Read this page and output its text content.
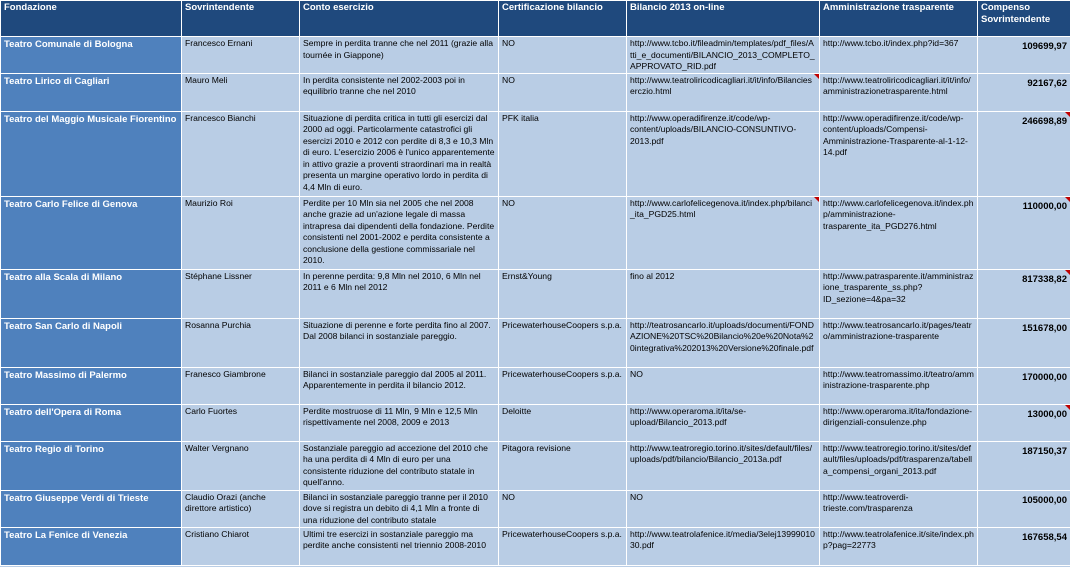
Fondazione	Sovrintendente	Conto esercizio	Certificazione bilancio	Bilancio 2013 on-line	Amministrazione trasparente	Compenso Sovrintendente
Teatro Comunale di Bologna	Francesco Ernani	Sempre in perdita tranne che nel 2011 (grazie alla tournée in Giappone)	NO	http://www.tcbo.it/fileadmin/templates/pdf_files/Atti_e_documenti/BILANCIO_2013_COMPLETO_APPROVATO_RID.pdf	http://www.tcbo.it/index.php?id=367	109699,97
Teatro Lirico di Cagliari	Mauro Meli	In perdita consistente nel 2002-2003 poi in equilibrio tranne che nel 2010	NO	http://www.teatroliricodicagliari.it/it/info/Bilancieserczio.html	http://www.teatroliricodicagliari.it/it/info/amministrazionetrasparente.html	92167,62
Teatro del Maggio Musicale Fiorentino	Francesco Bianchi	Situazione di perdita critica in tutti gli esercizi dal 2000 ad oggi. Particolarmente catastrofici gli esercizi 2010 e 2012 con perdite di 8,3 e 10,3 Mln di euro. L'esercizio 2006 è l'unico apparentemente in attivo grazie a proventi straordinari ma in realtà presenta un margine operativo lordo in perdita di 4,4 Mln di euro.	PFK italia	http://www.operadifirenze.it/code/wp-content/uploads/BILANCIO-CONSUNTIVO-2013.pdf	http://www.operadifirenze.it/code/wp-content/uploads/Compensi-Amministrazione-Trasparente-al-1-12-14.pdf	246698,89

Teatro Carlo Felice di Genova	Maurizio Roi	Perdite per 10 Mln sia nel 2005 che nel 2008 anche grazie ad un'azione legale di massa intrapresa dai dipendenti della fondazione. Perdite consistenti nel 2001-2002 e perdita consistente a conclusione della gestione commissariale nel 2010.	NO	http://www.carlofelicegenova.it/index.php/bilanci_ita_PGD25.html	http://www.carlofelicegenova.it/index.php/amministrazione-trasparente_ita_PGD276.html	110000,00

Teatro alla Scala di Milano	Stéphane Lissner	In perenne perdita: 9,8 Mln nel 2010, 6 Mln nel 2011 e 6 Mln nel 2012	Ernst&Young	fino al 2012	http://www.patrasparente.it/amministrazione_trasparente_ss.php?ID_sezione=4&pa=32	817338,82

Teatro San Carlo di Napoli	Rosanna Purchia	Situazione di perenne e forte perdita fino al 2007. Dal 2008 bilanci in sostanziale pareggio.	PricewaterhouseCoopers s.p.a.	http://teatrosancarlo.it/uploads/documenti/FONDAZIONE%20TSC%20Bilancio%20e%20Nota%20integrativa%202013%20Versione%20finale.pdf	http://www.teatrosancarlo.it/pages/teatro/amministrazione-trasparente	151678,00
Teatro Massimo di Palermo	Franesco Giambrone	Bilanci in sostanziale pareggio dal 2005 al 2011. Apparentemente in perdita il bilancio 2012.	PricewaterhouseCoopers s.p.a.	NO	http://www.teatromassimo.it/teatro/amministrazione-trasparente.php	170000,00
Teatro dell'Opera di Roma	Carlo Fuortes	Perdite mostruose di 11 Mln, 9 Mln e 12,5 Mln rispettivamente nel 2008, 2009 e 2013	Deloitte	http://www.operaroma.it/ita/se-upload/Bilancio_2013.pdf	http://www.operaroma.it/ita/fondazione-dirigenziali-consulenze.php	13000,00

Teatro Regio di Torino	Walter Vergnano	Sostanziale pareggio ad accezione del 2010 che ha una perdita di 4 Mln di euro per una consistente riduzione del contributo statale in quell'anno.	Pitagora revisione	http://www.teatroregio.torino.it/sites/default/files/uploads/pdf/bilancio/Bilancio_2013a.pdf	http://www.teatroregio.torino.it/sites/default/files/uploads/pdf/trasparenza/tabella_compensi_organi_2013.pdf	187150,37
Teatro Giuseppe Verdi di Trieste	Claudio Orazi (anche direttore artistico)	Bilanci in sostanziale pareggio tranne per il 2010 dove si registra un debito di 4,1 Mln a fronte di una riduzione del contributo statale	NO	NO	http://www.teatroverdi-trieste.com/trasparenza	105000,00
Teatro La Fenice di Venezia	Cristiano Chiarot	Ultimi tre esercizi in sostanziale pareggio ma perdite anche consistenti nel triennio 2008-2010	PricewaterhouseCoopers s.p.a.	http://www.teatrolafenice.it/media/3elej1399901030.pdf	http://www.teatrolafenice.it/site/index.php?pag=22773	167658,54
